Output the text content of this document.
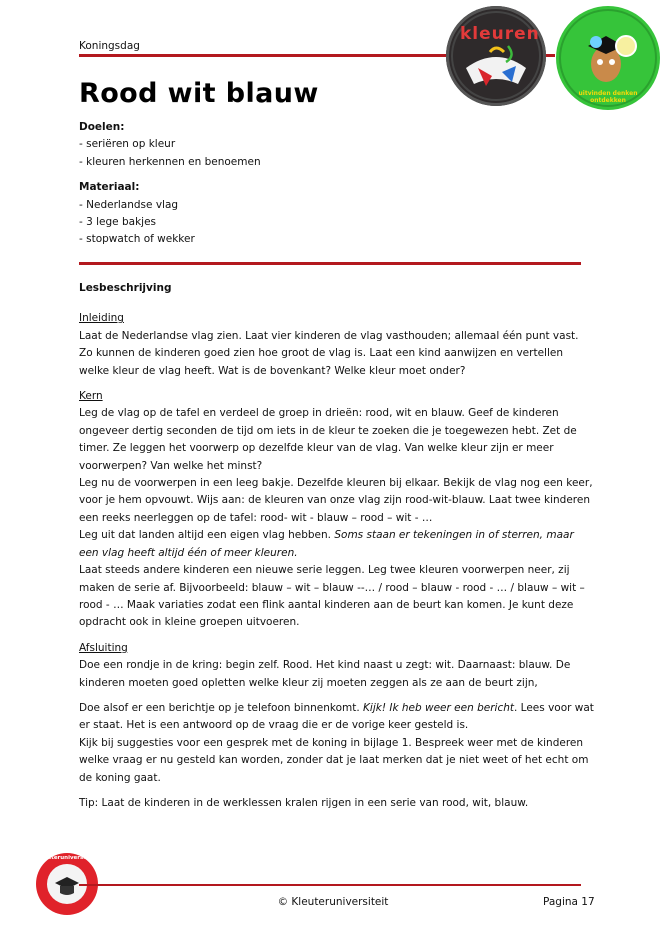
Koningsdag
kleuren
uitvinden denken ontdekken
Rood wit blauw

Doelen:

- seriëren op kleur

- kleuren herkennen en benoemen

Materiaal:

- Nederlandse vlag

- 3 lege bakjes

- stopwatch of wekker

Lesbeschrijving

Inleiding

Laat de Nederlandse vlag zien. Laat vier kinderen de vlag vasthouden; allemaal één punt vast. Zo kunnen de kinderen goed zien hoe groot de vlag is. Laat een kind aanwijzen en vertellen welke kleur de vlag heeft. Wat is de bovenkant? Welke kleur moet onder?

Kern

Leg de vlag op de tafel en verdeel de groep in drieën: rood, wit en blauw. Geef de kinderen ongeveer dertig seconden de tijd om iets in de kleur te zoeken die je toegewezen hebt. Zet de timer. Ze leggen het voorwerp op dezelfde kleur van de vlag. Van welke kleur zijn er meer voorwerpen? Van welke het minst?

Leg nu de voorwerpen in een leeg bakje. Dezelfde kleuren bij elkaar. Bekijk de vlag nog een keer, voor je hem opvouwt. Wijs aan: de kleuren van onze vlag zijn rood-wit-blauw. Laat twee kinderen een reeks neerleggen op de tafel: rood- wit - blauw – rood – wit - …

Leg uit dat landen altijd een eigen vlag hebben. Soms staan er tekeningen in of sterren, maar een vlag heeft altijd één of meer kleuren.

Laat steeds andere kinderen een nieuwe serie leggen. Leg twee kleuren voorwerpen neer, zij maken de serie af. Bijvoorbeeld: blauw – wit – blauw --… / rood – blauw - rood - … / blauw – wit – rood - … Maak variaties zodat een flink aantal kinderen aan de beurt kan komen. Je kunt deze opdracht ook in kleine groepen uitvoeren.

Afsluiting

Doe een rondje in de kring: begin zelf. Rood. Het kind naast u zegt: wit. Daarnaast: blauw. De kinderen moeten goed opletten welke kleur zij moeten zeggen als ze aan de beurt zijn,

Doe alsof er een berichtje op je telefoon binnenkomt. Kijk! Ik heb weer een bericht. Lees voor wat er staat. Het is een antwoord op de vraag die er de vorige keer gesteld is.

Kijk bij suggesties voor een gesprek met de koning in bijlage 1. Bespreek weer met de kinderen welke vraag er nu gesteld kan worden, zonder dat je laat merken dat je niet weet of het echt om de koning gaat.

Tip: Laat de kinderen in de werklessen kralen rijgen in een serie van rood, wit, blauw.

kleuteruniversiteit
© Kleuteruniversiteit	Pagina 17
